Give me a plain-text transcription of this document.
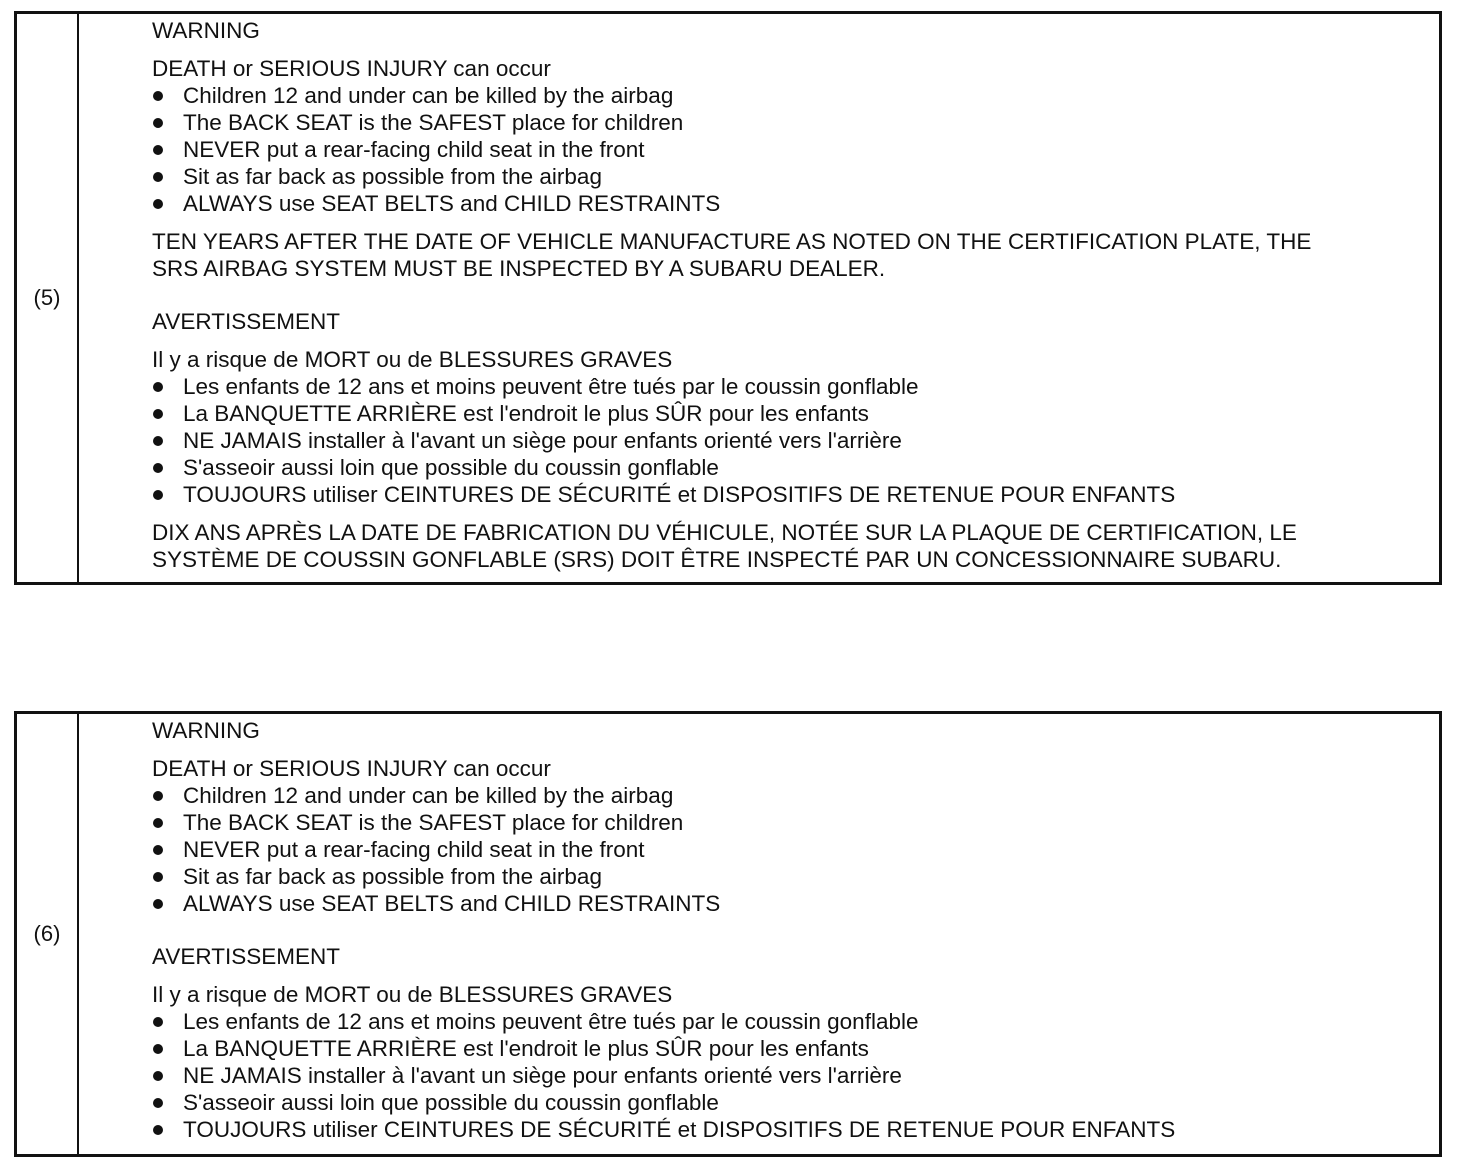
(5)
WARNING
DEATH or SERIOUS INJURY can occur
Children 12 and under can be killed by the airbag
The BACK SEAT is the SAFEST place for children
NEVER put a rear-facing child seat in the front
Sit as far back as possible from the airbag
ALWAYS use SEAT BELTS and CHILD RESTRAINTS
TEN YEARS AFTER THE DATE OF VEHICLE MANUFACTURE AS NOTED ON THE CERTIFICATION PLATE, THE
SRS AIRBAG SYSTEM MUST BE INSPECTED BY A SUBARU DEALER.
AVERTISSEMENT
Il y a risque de MORT ou de BLESSURES GRAVES
Les enfants de 12 ans et moins peuvent être tués par le coussin gonflable
La BANQUETTE ARRIÈRE est l'endroit le plus SÛR pour les enfants
NE JAMAIS installer à l'avant un siège pour enfants orienté vers l'arrière
S'asseoir aussi loin que possible du coussin gonflable
TOUJOURS utiliser CEINTURES DE SÉCURITÉ et DISPOSITIFS DE RETENUE POUR ENFANTS
DIX ANS APRÈS LA DATE DE FABRICATION DU VÉHICULE, NOTÉE SUR LA PLAQUE DE CERTIFICATION, LE
SYSTÈME DE COUSSIN GONFLABLE (SRS) DOIT ÊTRE INSPECTÉ PAR UN CONCESSIONNAIRE SUBARU.
(6)
WARNING
DEATH or SERIOUS INJURY can occur
Children 12 and under can be killed by the airbag
The BACK SEAT is the SAFEST place for children
NEVER put a rear-facing child seat in the front
Sit as far back as possible from the airbag
ALWAYS use SEAT BELTS and CHILD RESTRAINTS
AVERTISSEMENT
Il y a risque de MORT ou de BLESSURES GRAVES
Les enfants de 12 ans et moins peuvent être tués par le coussin gonflable
La BANQUETTE ARRIÈRE est l'endroit le plus SÛR pour les enfants
NE JAMAIS installer à l'avant un siège pour enfants orienté vers l'arrière
S'asseoir aussi loin que possible du coussin gonflable
TOUJOURS utiliser CEINTURES DE SÉCURITÉ et DISPOSITIFS DE RETENUE POUR ENFANTS
